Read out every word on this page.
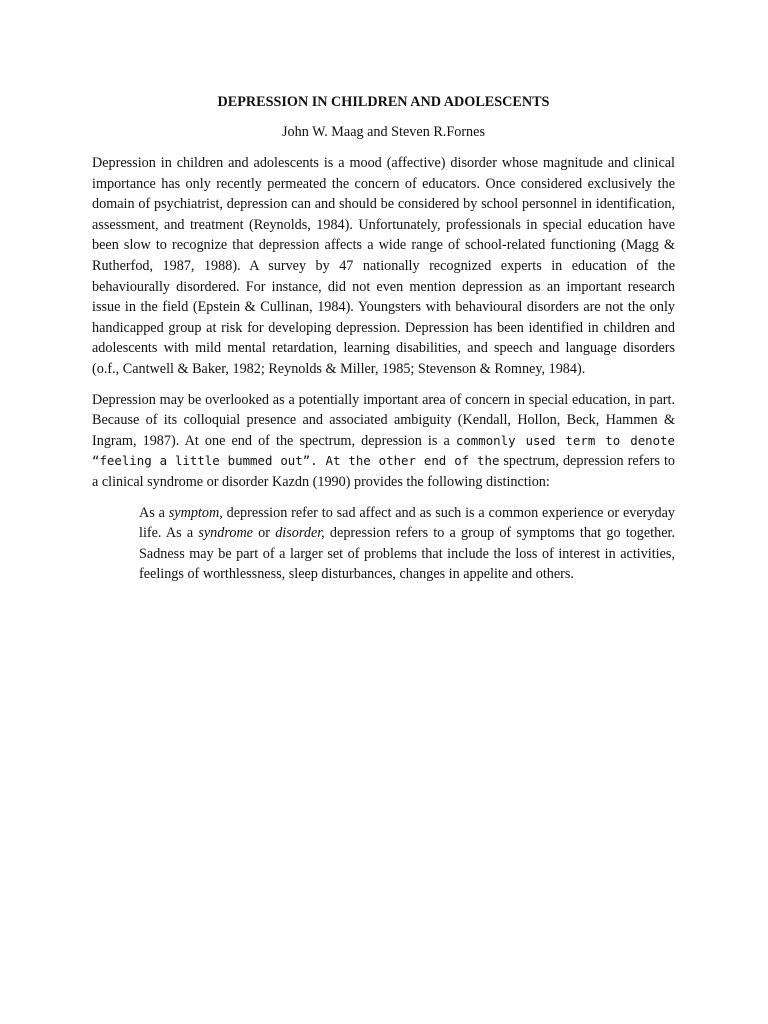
DEPRESSION IN CHILDREN AND ADOLESCENTS
John W. Maag and Steven R.Fornes

Depression in children and adolescents is a mood (affective) disorder whose magnitude and clinical importance has only recently permeated the concern of educators. Once considered exclusively the domain of psychiatrist, depression can and should be considered by school personnel in identification, assessment, and treatment (Reynolds, 1984). Unfortunately, professionals in special education have been slow to recognize that depression affects a wide range of school-related functioning (Magg & Rutherfod, 1987, 1988). A survey by 47 nationally recognized experts in education of the behaviourally disordered. For instance, did not even mention depression as an important research issue in the field (Epstein & Cullinan, 1984). Youngsters with behavioural disorders are not the only handicapped group at risk for developing depression. Depression has been identified in children and adolescents with mild mental retardation, learning disabilities, and speech and language disorders (o.f., Cantwell & Baker, 1982; Reynolds & Miller, 1985; Stevenson & Romney, 1984).

Depression may be overlooked as a potentially important area of concern in special education, in part. Because of its colloquial presence and associated ambiguity (Kendall, Hollon, Beck, Hammen & Ingram, 1987). At one end of the spectrum, depression is a commonly used term to denote “feeling a little bummed out”. At the other end of the spectrum, depression refers to a clinical syndrome or disorder Kazdn (1990) provides the following distinction:

As a symptom, depression refer to sad affect and as such is a common experience or everyday life. As a syndrome or disorder, depression refers to a group of symptoms that go together. Sadness may be part of a larger set of problems that include the loss of interest in activities, feelings of worthlessness, sleep disturbances, changes in appelite and others.
